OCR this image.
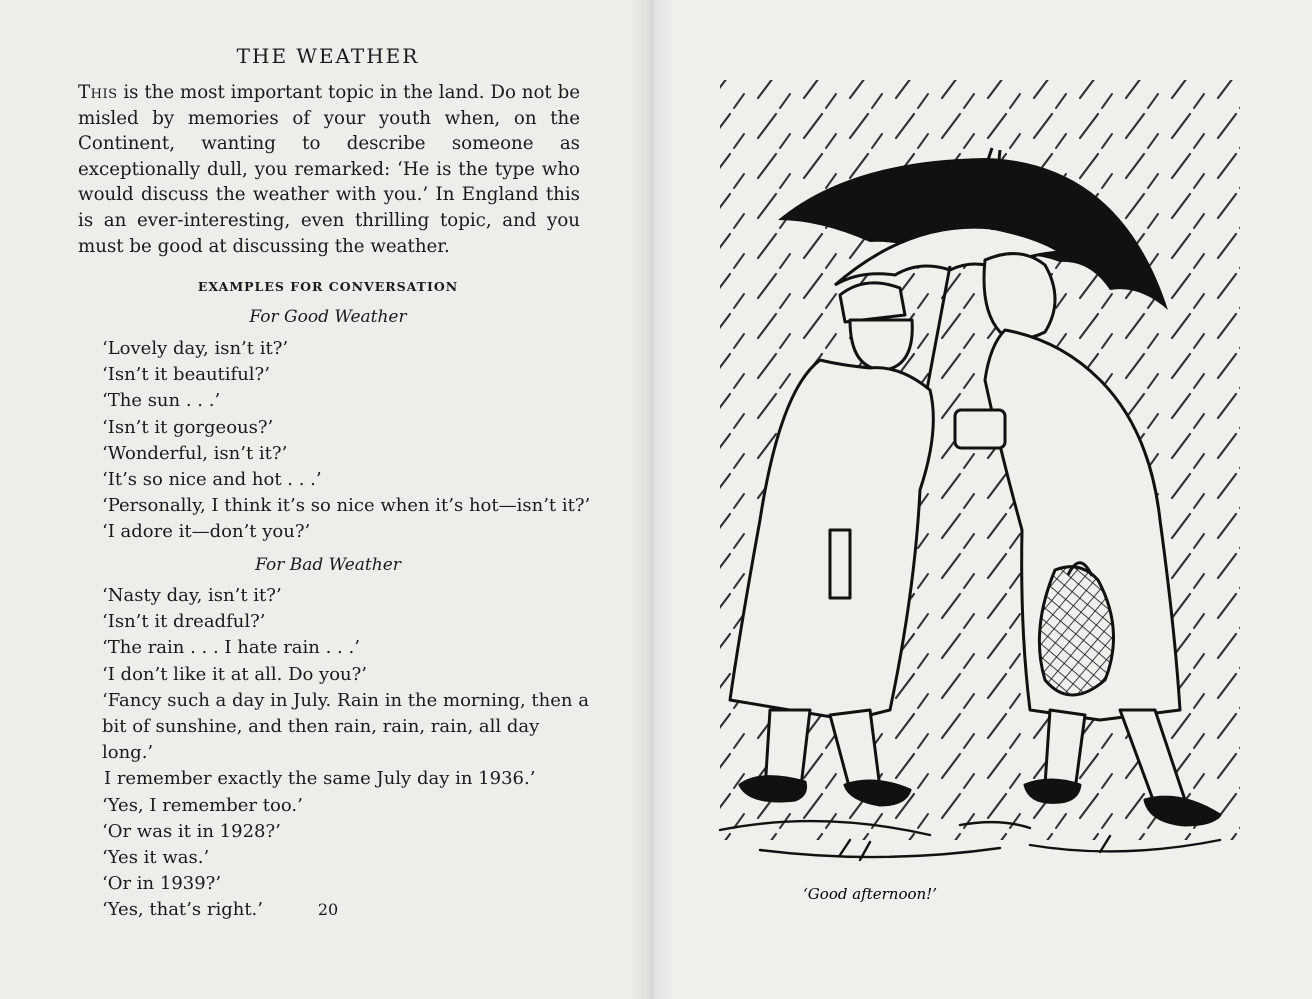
THE WEATHER
This is the most important topic in the land. Do not be misled by memories of your youth when, on the Continent, wanting to describe someone as exceptionally dull, you remarked: ‘He is the type who would discuss the weather with you.’ In England this is an ever-interesting, even thrilling topic, and you must be good at discussing the weather.
EXAMPLES FOR CONVERSATION
For Good Weather
‘Lovely day, isn’t it?’
‘Isn’t it beautiful?’
‘The sun . . .’
‘Isn’t it gorgeous?’
‘Wonderful, isn’t it?’
‘It’s so nice and hot . . .’
‘Personally, I think it’s so nice when it’s hot—isn’t it?’
‘I adore it—don’t you?’
For Bad Weather
‘Nasty day, isn’t it?’
‘Isn’t it dreadful?’
‘The rain . . . I hate rain . . .’
‘I don’t like it at all. Do you?’
‘Fancy such a day in July. Rain in the morning, then a bit of sunshine, and then rain, rain, rain, all day long.’
I remember exactly the same July day in 1936.’
‘Yes, I remember too.’
‘Or was it in 1928?’
‘Yes it was.’
‘Or in 1939?’
‘Yes, that’s right.’	20
‘Good afternoon!’
